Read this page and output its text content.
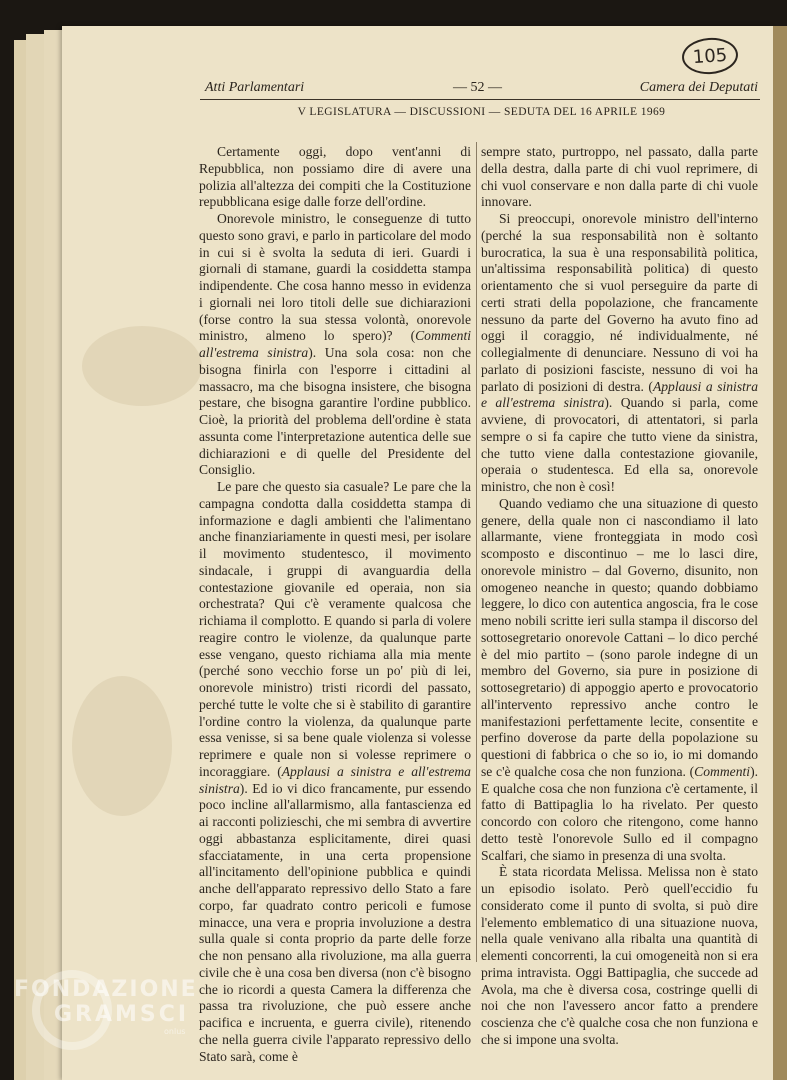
105
Atti Parlamentari	— 52 —	Camera dei Deputati
V LEGISLATURA — DISCUSSIONI — SEDUTA DEL 16 APRILE 1969

Certamente oggi, dopo vent'anni di Repubblica, non possiamo dire di avere una polizia all'altezza dei compiti che la Costituzione repubblicana esige dalle forze dell'ordine.

Onorevole ministro, le conseguenze di tutto questo sono gravi, e parlo in particolare del modo in cui si è svolta la seduta di ieri. Guardi i giornali di stamane, guardi la cosiddetta stampa indipendente. Che cosa hanno messo in evidenza i giornali nei loro titoli delle sue dichiarazioni (forse contro la sua stessa volontà, onorevole ministro, almeno lo spero)? (Commenti all'estrema sinistra). Una sola cosa: non che bisogna finirla con l'esporre i cittadini al massacro, ma che bisogna insistere, che bisogna pestare, che bisogna garantire l'ordine pubblico. Cioè, la priorità del problema dell'ordine è stata assunta come l'interpretazione autentica delle sue dichiarazioni e di quelle del Presidente del Consiglio.

Le pare che questo sia casuale? Le pare che la campagna condotta dalla cosiddetta stampa di informazione e dagli ambienti che l'alimentano anche finanziariamente in questi mesi, per isolare il movimento studentesco, il movimento sindacale, i gruppi di avanguardia della contestazione giovanile ed operaia, non sia orchestrata? Qui c'è veramente qualcosa che richiama il complotto. E quando si parla di volere reagire contro le violenze, da qualunque parte esse vengano, questo richiama alla mia mente (perché sono vecchio forse un po' più di lei, onorevole ministro) tristi ricordi del passato, perché tutte le volte che si è stabilito di garantire l'ordine contro la violenza, da qualunque parte essa venisse, si sa bene quale violenza si volesse reprimere e quale non si volesse reprimere o incoraggiare. (Applausi a sinistra e all'estrema sinistra). Ed io vi dico francamente, pur essendo poco incline all'allarmismo, alla fantascienza ed ai racconti polizieschi, che mi sembra di avvertire oggi abbastanza esplicitamente, direi quasi sfacciatamente, in una certa propensione all'incitamento dell'opinione pubblica e quindi anche dell'apparato repressivo dello Stato a fare corpo, far quadrato contro pericoli e fumose minacce, una vera e propria involuzione a destra sulla quale si conta proprio da parte delle forze che non pensano alla rivoluzione, ma alla guerra civile che è una cosa ben diversa (non c'è bisogno che io ricordi a questa Camera la differenza che passa tra rivoluzione, che può essere anche pacifica e incruenta, e guerra civile), ritenendo che nella guerra civile l'apparato repressivo dello Stato sarà, come è

sempre stato, purtroppo, nel passato, dalla parte della destra, dalla parte di chi vuol reprimere, di chi vuol conservare e non dalla parte di chi vuole innovare.

Si preoccupi, onorevole ministro dell'interno (perché la sua responsabilità non è soltanto burocratica, la sua è una responsabilità politica, un'altissima responsabilità politica) di questo orientamento che si vuol perseguire da parte di certi strati della popolazione, che francamente nessuno da parte del Governo ha avuto fino ad oggi il coraggio, né individualmente, né collegialmente di denunciare. Nessuno di voi ha parlato di posizioni fasciste, nessuno di voi ha parlato di posizioni di destra. (Applausi a sinistra e all'estrema sinistra). Quando si parla, come avviene, di provocatori, di attentatori, si parla sempre o si fa capire che tutto viene da sinistra, che tutto viene dalla contestazione giovanile, operaia o studentesca. Ed ella sa, onorevole ministro, che non è così!

Quando vediamo che una situazione di questo genere, della quale non ci nascondiamo il lato allarmante, viene fronteggiata in modo così scomposto e discontinuo – me lo lasci dire, onorevole ministro – dal Governo, disunito, non omogeneo neanche in questo; quando dobbiamo leggere, lo dico con autentica angoscia, fra le cose meno nobili scritte ieri sulla stampa il discorso del sottosegretario onorevole Cattani – lo dico perché è del mio partito – (sono parole indegne di un membro del Governo, sia pure in posizione di sottosegretario) di appoggio aperto e provocatorio all'intervento repressivo anche contro le manifestazioni perfettamente lecite, consentite e perfino doverose da parte della popolazione su questioni di fabbrica o che so io, io mi domando se c'è qualche cosa che non funziona. (Commenti). E qualche cosa che non funziona c'è certamente, il fatto di Battipaglia lo ha rivelato. Per questo concordo con coloro che ritengono, come hanno detto testè l'onorevole Sullo ed il compagno Scalfari, che siamo in presenza di una svolta.

È stata ricordata Melissa. Melissa non è stato un episodio isolato. Però quell'eccidio fu considerato come il punto di svolta, si può dire l'elemento emblematico di una situazione nuova, nella quale venivano alla ribalta una quantità di elementi concorrenti, la cui omogeneità non si era prima intravista. Oggi Battipaglia, che succede ad Avola, ma che è diversa cosa, costringe quelli di noi che non l'avessero ancor fatto a prendere coscienza che c'è qualche cosa che non funziona e che si impone una svolta.

FONDAZIONE
GRAMSCI
onlus
